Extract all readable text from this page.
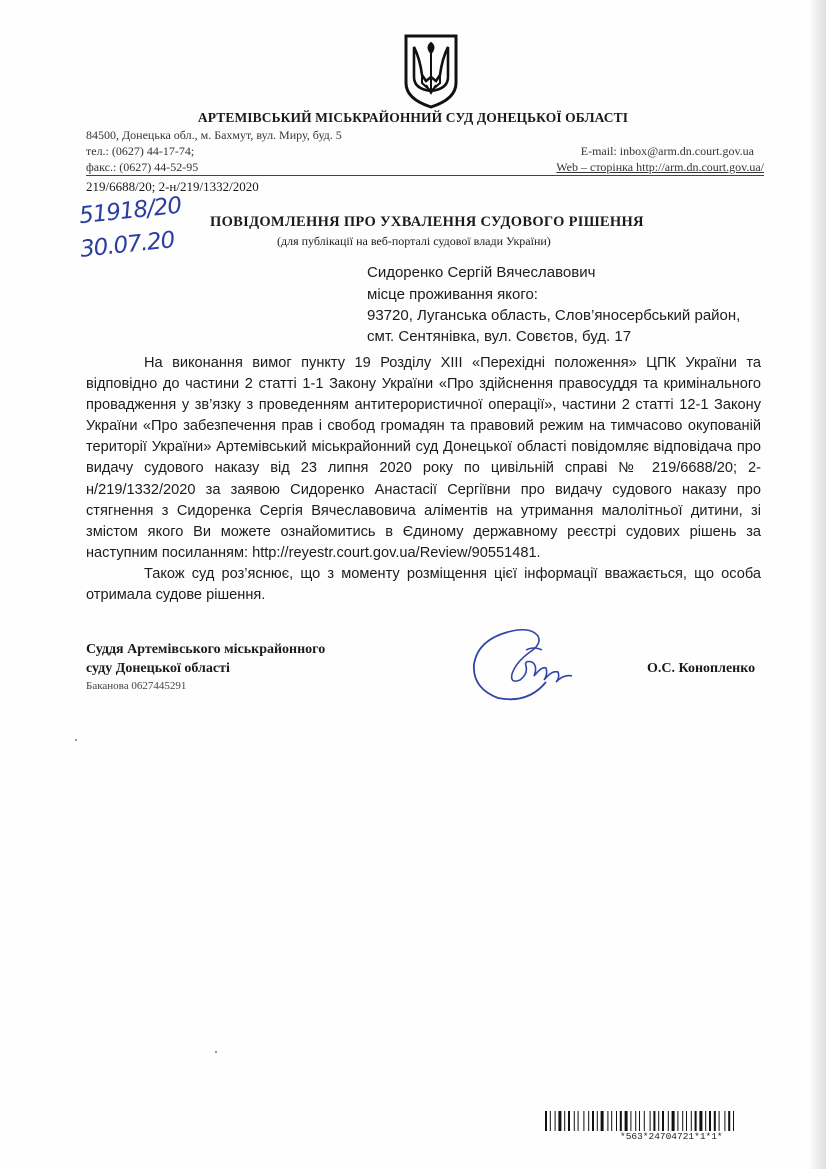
АРТЕМІВСЬКИЙ МІСЬКРАЙОННИЙ СУД ДОНЕЦЬКОЇ ОБЛАСТІ
84500, Донецька обл., м. Бахмут, вул. Миру, буд. 5
тел.: (0627) 44-17-74;
факс.: (0627) 44-52-95
E-mail: inbox@arm.dn.court.gov.ua
Web – сторінка http://arm.dn.court.gov.ua/
219/6688/20; 2-н/219/1332/2020
51918/20
30.07.20
ПОВІДОМЛЕННЯ ПРО УХВАЛЕННЯ СУДОВОГО РІШЕННЯ
(для публікації на веб-порталі судової влади України)
Сидоренко Сергій Вячеславович
місце проживання якого:
93720, Луганська область, Слов’яносербський район,
смт. Сентянівка, вул. Совєтов, буд. 17

На виконання вимог пункту 19 Розділу ХІІІ «Перехідні положення» ЦПК України та відповідно до частини 2 статті 1-1 Закону України «Про здійснення правосуддя та кримінального провадження у зв’язку з проведенням антитерористичної операції», частини 2 статті 12-1 Закону України «Про забезпечення прав і свобод громадян та правовий режим на тимчасово окупованій території України» Артемівський міськрайонний суд Донецької області повідомляє відповідача про видачу судового наказу від 23 липня 2020 року по цивільній справі № 219/6688/20; 2-н/219/1332/2020 за заявою Сидоренко Анастасії Сергіївни про видачу судового наказу про стягнення з Сидоренка Сергія Вячеславовича аліментів на утримання малолітньої дитини, зі змістом якого Ви можете ознайомитись в Єдиному державному реєстрі судових рішень за наступним посиланням: http://reyestr.court.gov.ua/Review/90551481.

Також суд роз’яснює, що з моменту розміщення цієї інформації вважається, що особа отримала судове рішення.

Суддя Артемівського міськрайонного
суду Донецької області
Баканова 0627445291
О.С. Коноплeнко
*563*24704721*1*1*
